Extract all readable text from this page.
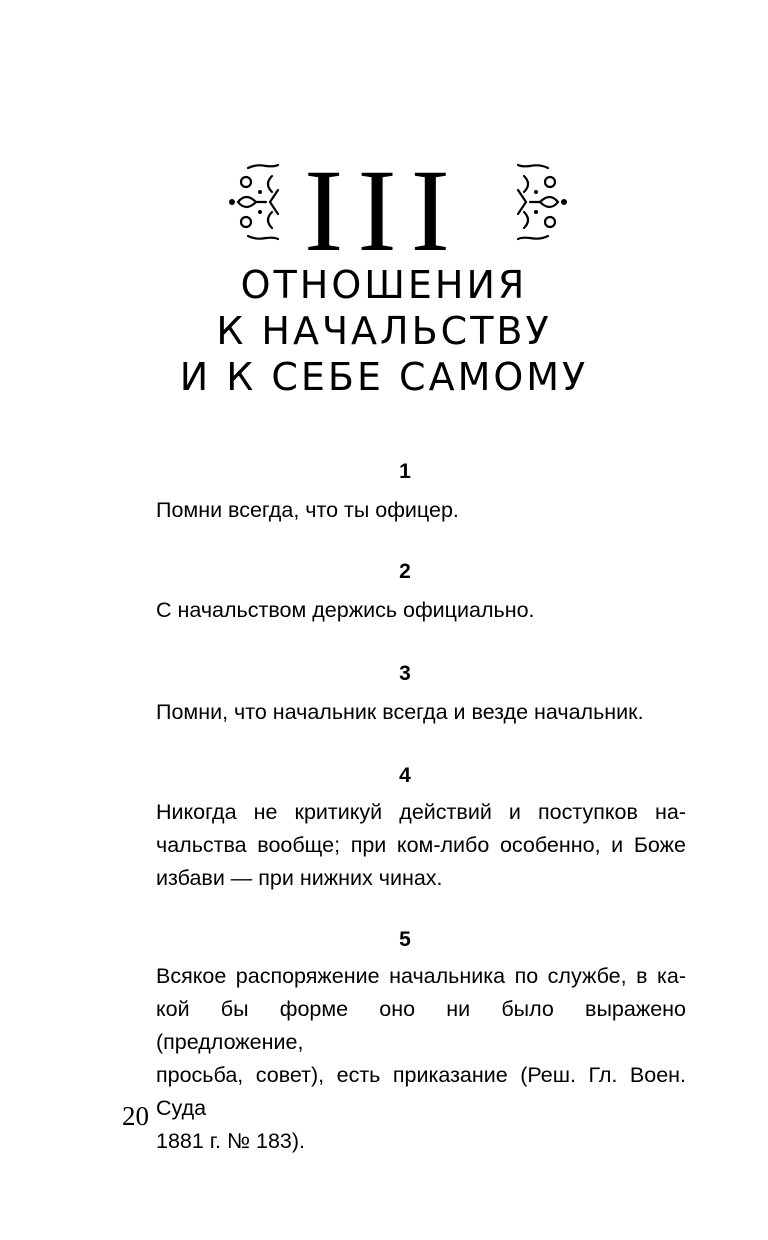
III
ОТНОШЕНИЯ
К НАЧАЛЬСТВУ
И К СЕБЕ САМОМУ
1
Помни всегда, что ты офицер.
2
С начальством держись официально.
3
Помни, что начальник всегда и везде начальник.
4
Никогда не критикуй действий и поступков на-
чальства вообще; при ком-либо особенно, и Боже
избави — при нижних чинах.
5
Всякое распоряжение начальника по службе, в ка-
кой бы форме оно ни было выражено (предложение,
просьба, совет), есть приказание (Реш. Гл. Воен. Суда
1881 г. № 183).
20
